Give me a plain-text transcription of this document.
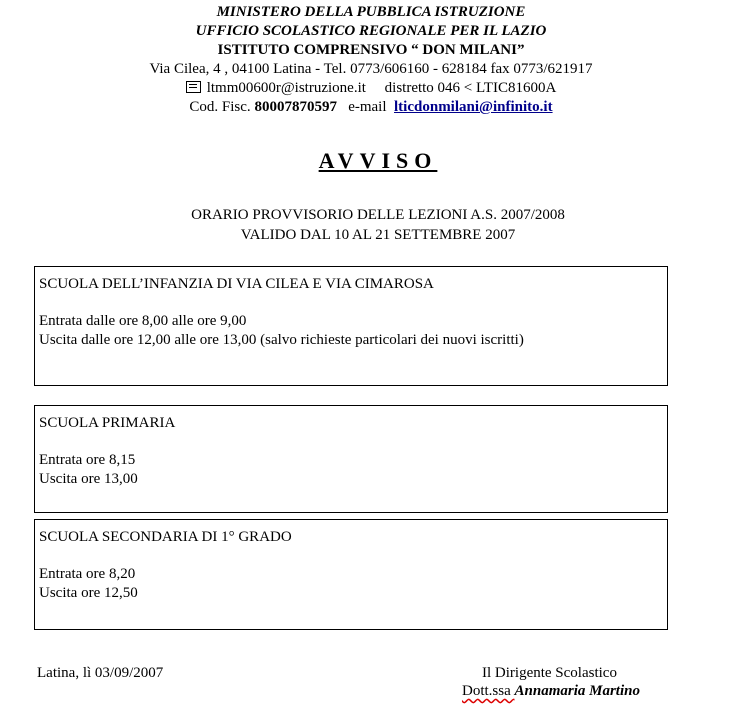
MINISTERO DELLA PUBBLICA ISTRUZIONE
UFFICIO SCOLASTICO REGIONALE PER IL LAZIO
ISTITUTO COMPRENSIVO “ DON MILANI”
Via Cilea, 4 , 04100 Latina - Tel. 0773/606160 - 628184 fax 0773/621917
ltmm00600r@istruzione.it     distretto 046 < LTIC81600A
Cod. Fisc. 80007870597   e-mail  lticdonmilani@infinito.it
AVVISO
ORARIO PROVVISORIO DELLE LEZIONI A.S. 2007/2008
VALIDO DAL 10 AL 21 SETTEMBRE 2007
SCUOLA DELL’INFANZIA DI VIA CILEA E VIA CIMAROSA
Entrata dalle ore 8,00 alle ore 9,00
Uscita dalle ore 12,00 alle ore 13,00 (salvo richieste particolari dei nuovi iscritti)
SCUOLA PRIMARIA
Entrata ore 8,15
Uscita ore 13,00
SCUOLA SECONDARIA DI 1° GRADO
Entrata ore 8,20
Uscita ore 12,50
Latina, lì 03/09/2007	Il Dirigente Scolastico
Dott.ssa Annamaria Martino
